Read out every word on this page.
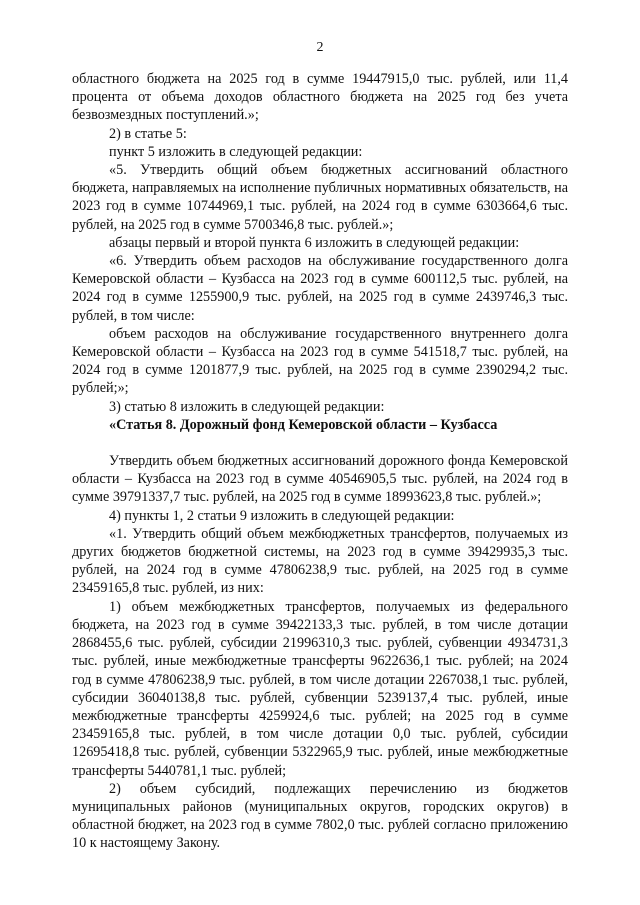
2

областного бюджета на 2025 год в сумме 19447915,0 тыс. рублей, или 11,4 процента от объема доходов областного бюджета на 2025 год без учета безвозмездных поступлений.»;

2) в статье 5:

пункт 5 изложить в следующей редакции:

«5. Утвердить общий объем бюджетных ассигнований областного бюджета, направляемых на исполнение публичных нормативных обязательств, на 2023 год в сумме 10744969,1 тыс. рублей, на 2024 год в сумме 6303664,6 тыс. рублей, на 2025 год в сумме 5700346,8 тыс. рублей.»;

абзацы первый и второй пункта 6 изложить в следующей редакции:

«6. Утвердить объем расходов на обслуживание государственного долга Кемеровской области – Кузбасса на 2023 год в сумме 600112,5 тыс. рублей, на 2024 год в сумме 1255900,9 тыс. рублей, на 2025 год в сумме 2439746,3 тыс. рублей, в том числе:

объем расходов на обслуживание государственного внутреннего долга Кемеровской области – Кузбасса на 2023 год в сумме 541518,7 тыс. рублей, на 2024 год в сумме 1201877,9 тыс. рублей, на 2025 год в сумме 2390294,2 тыс. рублей;»;

3) статью 8 изложить в следующей редакции:

«Статья 8. Дорожный фонд Кемеровской области – Кузбасса

Утвердить объем бюджетных ассигнований дорожного фонда Кемеровской области – Кузбасса на 2023 год в сумме 40546905,5 тыс. рублей, на 2024 год в сумме 39791337,7 тыс. рублей, на 2025 год в сумме 18993623,8 тыс. рублей.»;

4) пункты 1, 2 статьи 9 изложить в следующей редакции:

«1. Утвердить общий объем межбюджетных трансфертов, получаемых из других бюджетов бюджетной системы, на 2023 год в сумме 39429935,3 тыс. рублей, на 2024 год в сумме 47806238,9 тыс. рублей, на 2025 год в сумме 23459165,8 тыс. рублей, из них:

1) объем межбюджетных трансфертов, получаемых из федерального бюджета, на 2023 год в сумме 39422133,3 тыс. рублей, в том числе дотации 2868455,6 тыс. рублей, субсидии 21996310,3 тыс. рублей, субвенции 4934731,3 тыс. рублей, иные межбюджетные трансферты 9622636,1 тыс. рублей; на 2024 год в сумме 47806238,9 тыс. рублей, в том числе дотации 2267038,1 тыс. рублей, субсидии 36040138,8 тыс. рублей, субвенции 5239137,4 тыс. рублей, иные межбюджетные трансферты 4259924,6 тыс. рублей; на 2025 год в сумме 23459165,8 тыс. рублей, в том числе дотации 0,0 тыс. рублей, субсидии 12695418,8 тыс. рублей, субвенции 5322965,9 тыс. рублей, иные межбюджетные трансферты 5440781,1 тыс. рублей;

2) объем субсидий, подлежащих перечислению из бюджетов муниципальных районов (муниципальных округов, городских округов) в областной бюджет, на 2023 год в сумме 7802,0 тыс. рублей согласно приложению 10 к настоящему Закону.
